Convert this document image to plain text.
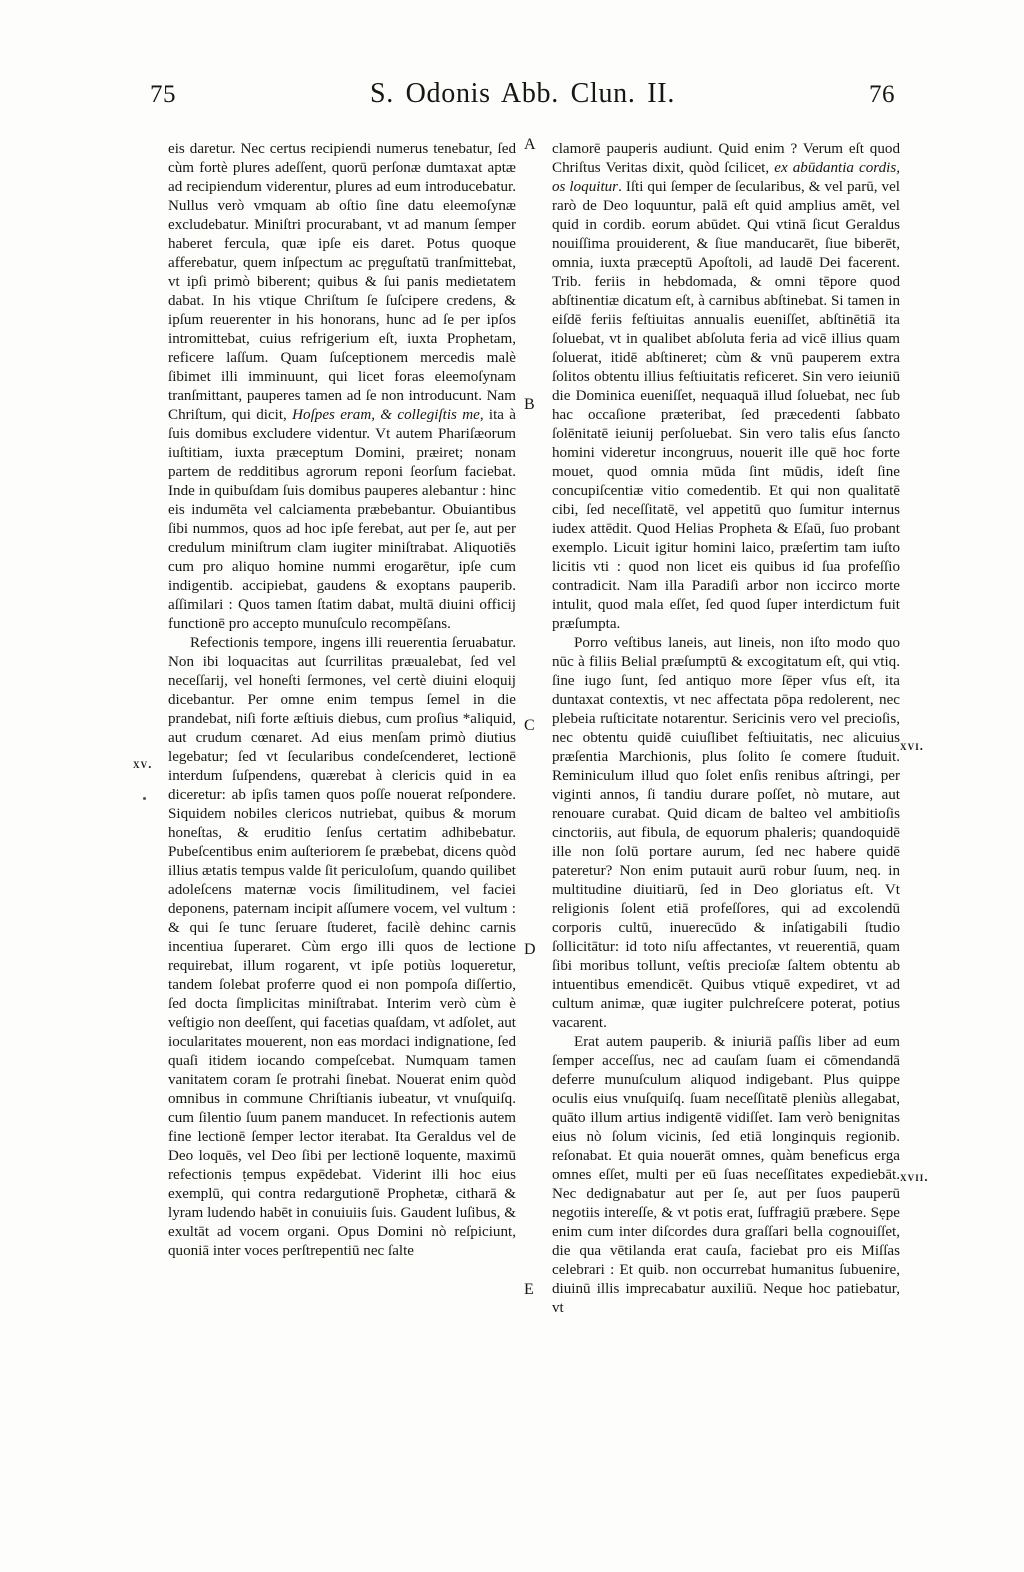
75	S. Odonis Abb. Clun. II.	76
xv.
xvi.
xvii.
A
B
C
D
E

eis daretur. Nec certus recipiendi numerus tenebatur, ſed cùm fortè plures adeſſent, quorū perſonæ dumtaxat aptæ ad recipiendum viderentur, plures ad eum introducebatur. Nullus verò vmquam ab oſtio ſine datu eleemoſynæ excludebatur. Miniſtri procurabant, vt ad manum ſemper haberet fercula, quæ ipſe eis daret. Potus quoque afferebatur, quem inſpectum ac prẹguſtatū tranſmittebat, vt ipſi primò biberent; quibus & ſui panis medietatem dabat. In his vtique Chriſtum ſe ſuſcipere credens, & ipſum reuerenter in his honorans, hunc ad ſe per ipſos intromittebat, cuius refrigerium eſt, iuxta Prophetam, reficere laſſum. Quam ſuſceptionem mercedis malè ſibimet illi imminuunt, qui licet foras eleemoſynam tranſmittant, pauperes tamen ad ſe non introducunt. Nam Chriſtum, qui dicit, Hoſpes eram, & collegiſtis me, ita à ſuis domibus excludere videntur. Vt autem Phariſæorum iuſtitiam, iuxta præceptum Domini, præiret; nonam partem de redditibus agrorum reponi ſeorſum faciebat. Inde in quibuſdam ſuis domibus pauperes alebantur : hinc eis indumēta vel calciamenta præbebantur. Obuiantibus ſibi nummos, quos ad hoc ipſe ferebat, aut per ſe, aut per credulum miniſtrum clam iugiter miniſtrabat. Aliquotiēs cum pro aliquo homine nummi erogarētur, ipſe cum indigentib. accipiebat, gaudens & exoptans pauperib. aſſimilari : Quos tamen ſtatim dabat, multā diuini officij functionē pro accepto munuſculo recompēſans.

Refectionis tempore, ingens illi reuerentia ſeruabatur. Non ibi loquacitas aut ſcurrilitas præualebat, ſed vel neceſſarij, vel honeſti ſermones, vel certè diuini eloquij dicebantur. Per omne enim tempus ſemel in die prandebat, niſi forte æſtiuis diebus, cum proſius *aliquid, aut crudum cœnaret. Ad eius menſam primò diutius legebatur; ſed vt ſecularibus condeſcenderet, lectionē interdum ſuſpendens, quærebat à clericis quid in ea diceretur: ab ipſis tamen quos poſſe nouerat reſpondere. Siquidem nobiles clericos nutriebat, quibus & morum honeſtas, & eruditio ſenſus certatim adhibebatur. Pubeſcentibus enim auſteriorem ſe præbebat, dicens quòd illius ætatis tempus valde ſit periculoſum, quando quilibet adoleſcens maternæ vocis ſimilitudinem, vel faciei deponens, paternam incipit aſſumere vocem, vel vultum : & qui ſe tunc ſeruare ſtuderet, facilè dehinc carnis incentiua ſuperaret. Cùm ergo illi quos de lectione requirebat, illum rogarent, vt ipſe potiùs loqueretur, tandem ſolebat proferre quod ei non pompoſa diſſertio, ſed docta ſimplicitas miniſtrabat. Interim verò cùm è veſtigio non deeſſent, qui facetias quaſdam, vt adſolet, aut iocularitates mouerent, non eas mordaci indignatione, ſed quaſi itidem iocando compeſcebat. Numquam tamen vanitatem coram ſe protrahi ſinebat. Nouerat enim quòd omnibus in commune Chriſtianis iubeatur, vt vnuſquiſq. cum ſilentio ſuum panem manducet. In refectionis autem fine lectionē ſemper lector iterabat. Ita Geraldus vel de Deo loquēs, vel Deo ſibi per lectionē loquente, maximū refectionis ṭempus expēdebat. Viderint illi hoc eius exemplū, qui contra redargutionē Prophetæ, citharā & lyram ludendo habēt in conuiuiis ſuis. Gaudent luſibus, & exultāt ad vocem organi. Opus Domini nò reſpiciunt, quoniā inter voces perſtrepentiū nec ſalte

clamorē pauperis audiunt. Quid enim ? Verum eſt quod Chriſtus Veritas dixit, quòd ſcilicet, ex abūdantia cordis, os loquitur. Iſti qui ſemper de ſecularibus, & vel parū, vel rarò de Deo loquuntur, palā eſt quid amplius amēt, vel quid in cordib. eorum abūdet. Qui vtinā ſicut Geraldus nouiſſima prouiderent, & ſiue manducarēt, ſiue biberēt, omnia, iuxta præceptū Apoſtoli, ad laudē Dei facerent. Trib. feriis in hebdomada, & omni tēpore quod abſtinentiæ dicatum eſt, à carnibus abſtinebat. Si tamen in eiſdē feriis feſtiuitas annualis eueniſſet, abſtinētiā ita ſoluebat, vt in qualibet abſoluta feria ad vicē illius quam ſoluerat, itidē abſtineret; cùm & vnū pauperem extra ſolitos obtentu illius feſtiuitatis reficeret. Sin vero ieiuniū die Dominica eueniſſet, nequaquā illud ſoluebat, nec ſub hac occaſione præteribat, ſed præcedenti ſabbato ſolēnitatē ieiunij perſoluebat. Sin vero talis eſus ſancto homini videretur incongruus, nouerit ille quē hoc forte mouet, quod omnia mūda ſint mūdis, ideſt ſine concupiſcentiæ vitio comedentib. Et qui non qualitatē cibi, ſed neceſſitatē, vel appetitū quo ſumitur internus iudex attēdit. Quod Helias Propheta & Eſaū, ſuo probant exemplo. Licuit igitur homini laico, præſertim tam iuſto licitis vti : quod non licet eis quibus id ſua profeſſio contradicit. Nam illa Paradiſi arbor non iccirco morte intulit, quod mala eſſet, ſed quod ſuper interdictum fuit præſumpta.

Porro veſtibus laneis, aut lineis, non iſto modo quo nūc à filiis Belial præſumptū & excogitatum eſt, qui vtiq. ſine iugo ſunt, ſed antiquo more ſēper vſus eſt, ita duntaxat contextis, vt nec affectata pōpa redolerent, nec plebeia ruſticitate notarentur. Sericinis vero vel precioſis, nec obtentu quidē cuiuſlibet feſtiuitatis, nec alicuius præſentia Marchionis, plus ſolito ſe comere ſtuduit. Reminiculum illud quo ſolet enſis renibus aſtringi, per viginti annos, ſi tandiu durare poſſet, nò mutare, aut renouare curabat. Quid dicam de balteo vel ambitioſis cinctoriis, aut fibula, de equorum phaleris; quandoquidē ille non ſolū portare aurum, ſed nec habere quidē pateretur? Non enim putauit aurū robur ſuum, neq. in multitudine diuitiarū, ſed in Deo gloriatus eſt. Vt religionis ſolent etiā profeſſores, qui ad excolendū corporis cultū, inuerecūdo & inſatigabili ſtudio ſollicitātur: id toto niſu affectantes, vt reuerentiā, quam ſibi moribus tollunt, veſtis precioſæ ſaltem obtentu ab intuentibus emendicēt. Quibus vtiquē expediret, vt ad cultum animæ, quæ iugiter pulchreſcere poterat, potius vacarent.

Erat autem pauperib. & iniuriā paſſis liber ad eum ſemper acceſſus, nec ad cauſam ſuam ei cōmendandā deferre munuſculum aliquod indigebant. Plus quippe oculis eius vnuſquiſq. ſuam neceſſitatē pleniùs allegabat, quāto illum artius indigentē vidiſſet. Iam verò benignitas eius nò ſolum vicinis, ſed etiā longinquis regionib. reſonabat. Et quia nouerāt omnes, quàm beneficus erga omnes eſſet, multi per eū ſuas neceſſitates expediebāt. Nec dedignabatur aut per ſe, aut per ſuos pauperū negotiis intereſſe, & vt potis erat, ſuffragiū præbere. Sẹpe enim cum inter diſcordes dura graſſari bella cognouiſſet, die qua vētilanda erat cauſa, faciebat pro eis Miſſas celebrari : Et quib. non occurrebat humanitus ſubuenire, diuinū illis imprecabatur auxiliū. Neque hoc patiebatur, vt
